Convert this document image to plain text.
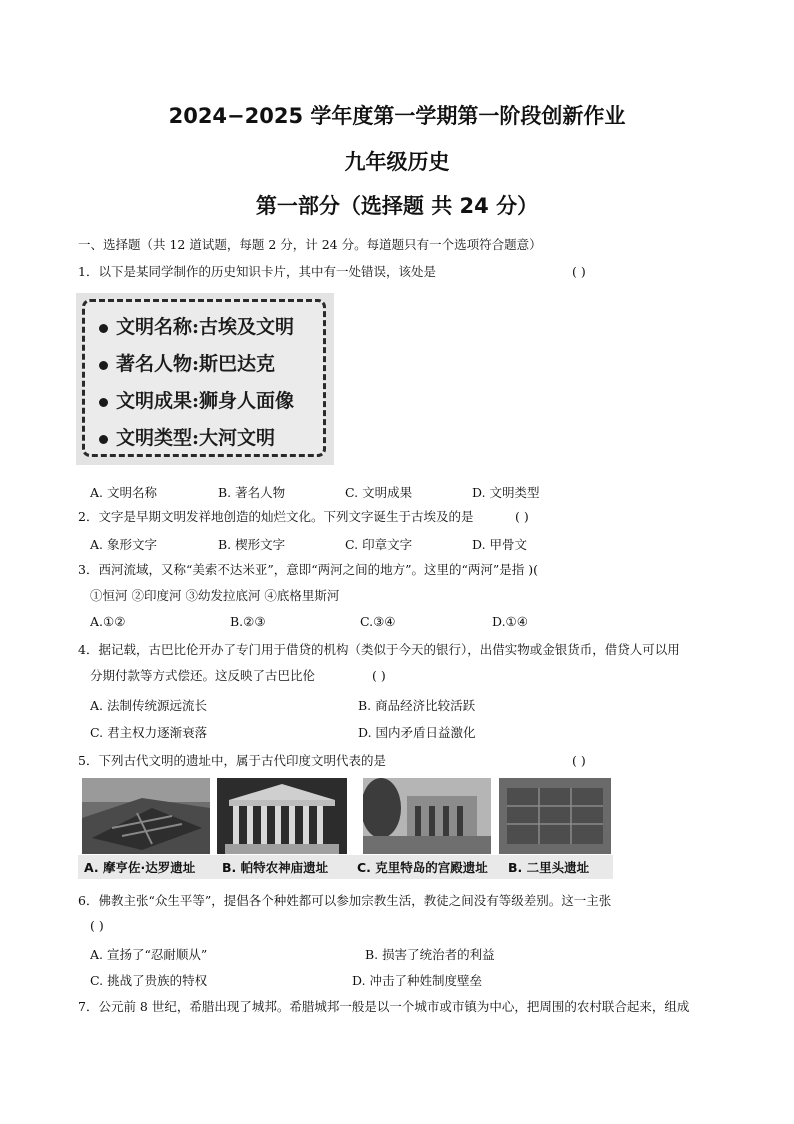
2024−2025 学年度第一学期第一阶段创新作业
九年级历史
第一部分（选择题 共 24 分）
一、选择题（共 12 道试题，每题 2 分，计 24 分。每道题只有一个选项符合题意）
1．以下是某同学制作的历史知识卡片，其中有一处错误，该处是	( )
文明名称:古埃及文明
著名人物:斯巴达克
文明成果:狮身人面像
文明类型:大河文明
A. 文明名称	B. 著名人物	C. 文明成果	D. 文明类型
2．文字是早期文明发祥地创造的灿烂文化。下列文字诞生于古埃及的是	( )
A. 象形文字	B. 楔形文字	C. 印章文字	D. 甲骨文
3．西河流域，又称“美索不达米亚”，意即“两河之间的地方”。这里的“两河”是指 )(
①恒河 ②印度河 ③幼发拉底河 ④底格里斯河
A.①②	B.②③	C.③④	D.①④
4．据记载，古巴比伦开办了专门用于借贷的机构（类似于今天的银行），出借实物或金银货币，借贷人可以用
分期付款等方式偿还。这反映了古巴比伦	( )
A. 法制传统源远流长	B. 商品经济比较活跃
C. 君主权力逐渐衰落	D. 国内矛盾日益激化
5．下列古代文明的遗址中，属于古代印度文明代表的是	( )
A. 摩亨佐·达罗遗址 B. 帕特农神庙遗址 C. 克里特岛的宫殿遗址 B. 二里头遗址
6．佛教主张“众生平等”，提倡各个种姓都可以参加宗教生活，教徒之间没有等级差别。这一主张
( )
A. 宣扬了“忍耐顺从”	B. 损害了统治者的利益
C. 挑战了贵族的特权	D. 冲击了种姓制度壁垒
7．公元前 8 世纪，希腊出现了城邦。希腊城邦一般是以一个城市或市镇为中心，把周围的农村联合起来，组成
